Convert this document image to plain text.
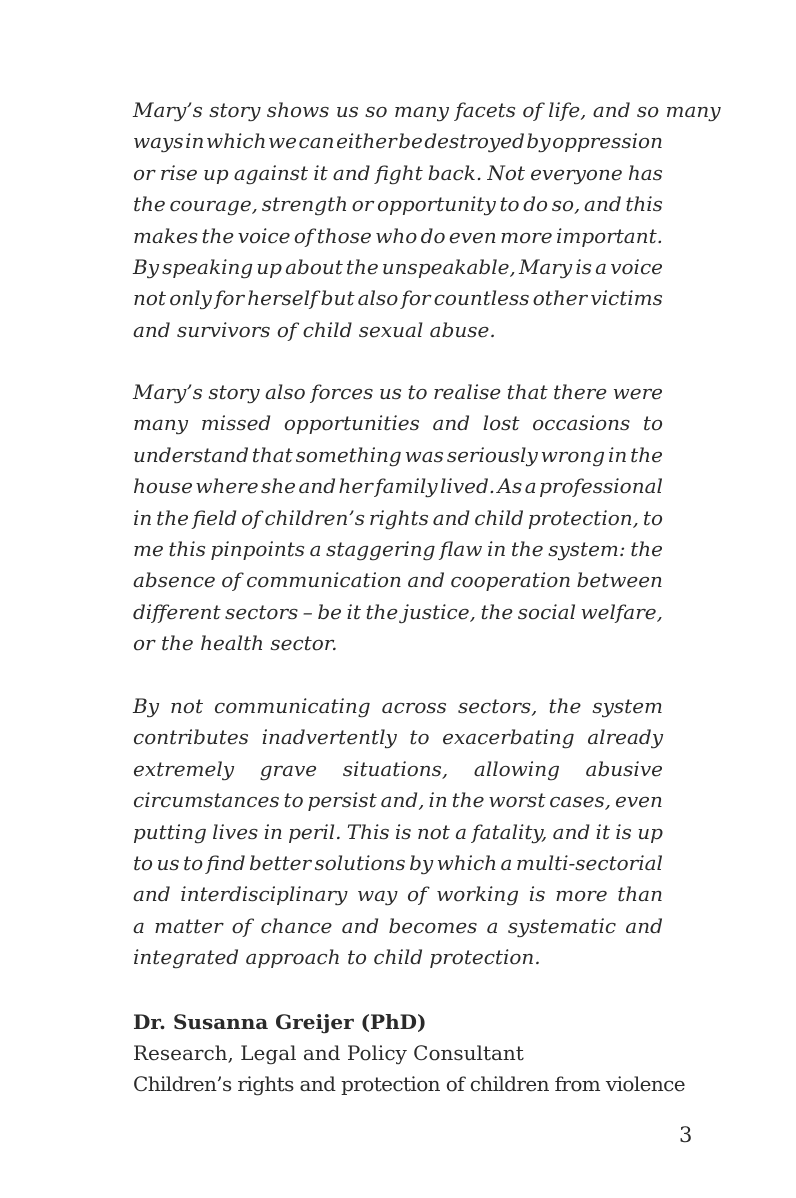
Mary’s story shows us so many facets of life, and so many
ways in which we can either be destroyed by oppression
or rise up against it and fight back. Not everyone has
the courage, strength or opportunity to do so, and this
makes the voice of those who do even more important.
By speaking up about the unspeakable, Mary is a voice
not only for herself but also for countless other victims
and survivors of child sexual abuse.
Mary’s story also forces us to realise that there were
many missed opportunities and lost occasions to
understand that something was seriously wrong in the
house where she and her family lived. As a professional
in the field of children’s rights and child protection, to
me this pinpoints a staggering flaw in the system: the
absence of communication and cooperation between
different sectors – be it the justice, the social welfare,
or the health sector.
By not communicating across sectors, the system
contributes inadvertently to exacerbating already
extremely grave situations, allowing abusive
circumstances to persist and, in the worst cases, even
putting lives in peril. This is not a fatality, and it is up
to us to find better solutions by which a multi-sectorial
and interdisciplinary way of working is more than
a matter of chance and becomes a systematic and
integrated approach to child protection.
Dr. Susanna Greijer (PhD)
Research, Legal and Policy Consultant
Children’s rights and protection of children from violence
3
